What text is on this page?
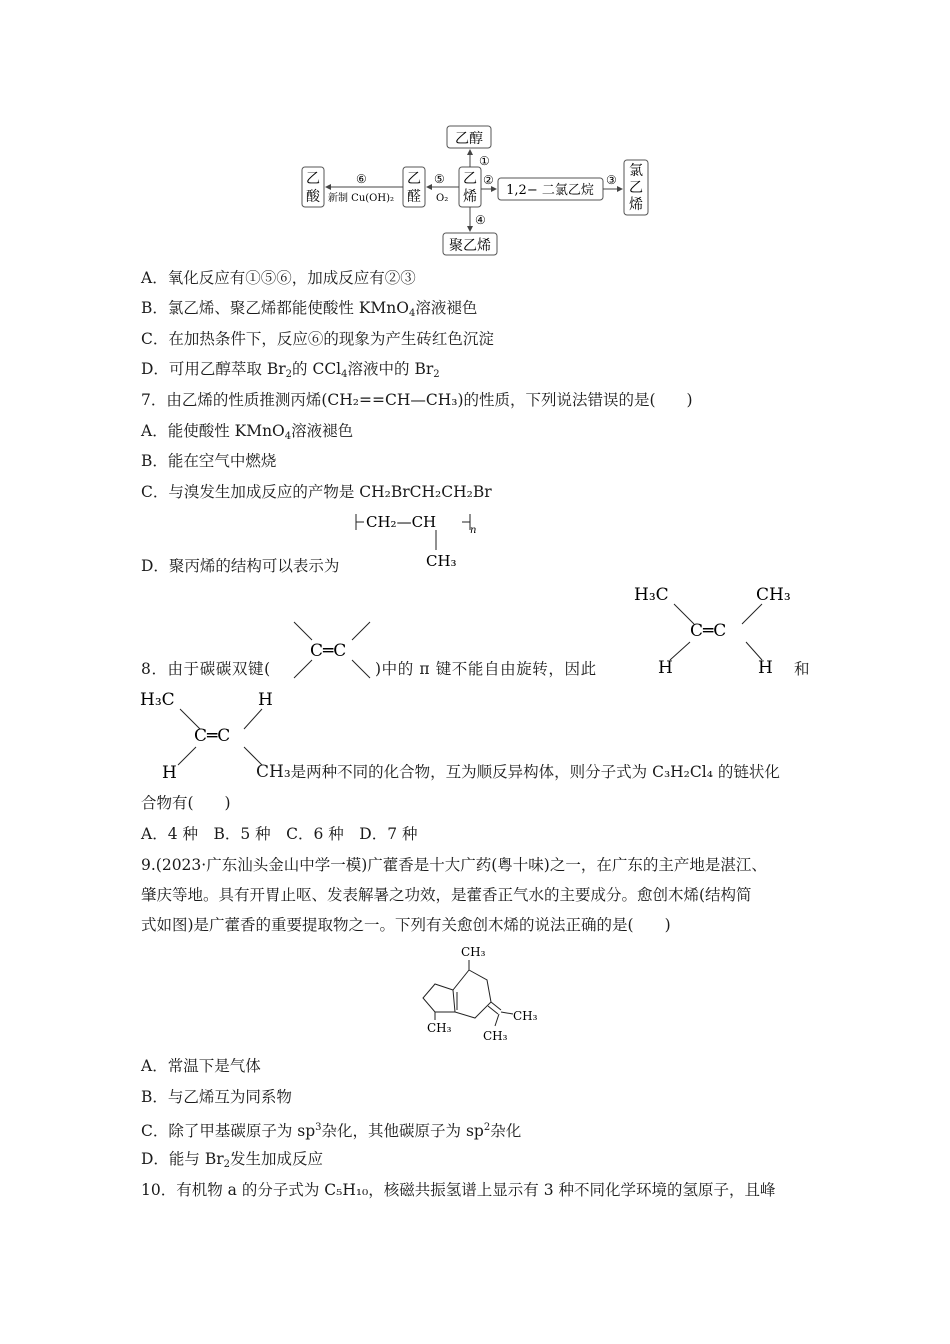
乙醇
乙
烯
乙
酸
乙
醛	1,2− 二氯乙烷
氯
乙
烯
聚乙烯
①
④
②	③
⑤
O₂
⑥
新制 Cu(OH)₂
A．氧化反应有①⑤⑥，加成反应有②③
B．氯乙烯、聚乙烯都能使酸性 KMnO$_4$溶液褪色
C．在加热条件下，反应⑥的现象为产生砖红色沉淀
D．可用乙醇萃取 $Br_2$的 CCl$_4$溶液中的 $Br_2$
7．由乙烯的性质推测丙烯(CH₂==CH—CH₃)的性质，下列说法错误的是(　　)
A．能使酸性 KMnO$_4$溶液褪色
B．能在空气中燃烧
C．与溴发生加成反应的产物是 CH₂BrCH₂CH₂Br
D．聚丙烯的结构可以表示为
CH₂—CH	n
CH₃
8．由于碳碳双键(
C═C
)中的 π 键不能自由旋转，因此
H₃C	CH₃
C═C
H	H 和
H₃C	H
C═C
H	CH₃是两种不同的化合物，互为顺反异构体，则分子式为 C₃H₂Cl₄ 的链状化
合物有(　　)
A．4 种　B．5 种　C．6 种　D．7 种
9.(2023·广东汕头金山中学一模)广藿香是十大广药(粤十味)之一，在广东的主产地是湛江、
肇庆等地。具有开胃止呕、发表解暑之功效，是藿香正气水的主要成分。愈创木烯(结构简
式如图)是广藿香的重要提取物之一。下列有关愈创木烯的说法正确的是(　　)
CH₃
CH₃
CH₃
CH₃
A．常温下是气体
B．与乙烯互为同系物
C．除了甲基碳原子为 $sp^3$杂化，其他碳原子为 $sp^2$杂化
D．能与 $Br_2$发生加成反应
10．有机物 a 的分子式为 C₅H₁₀，核磁共振氢谱上显示有 3 种不同化学环境的氢原子，且峰
